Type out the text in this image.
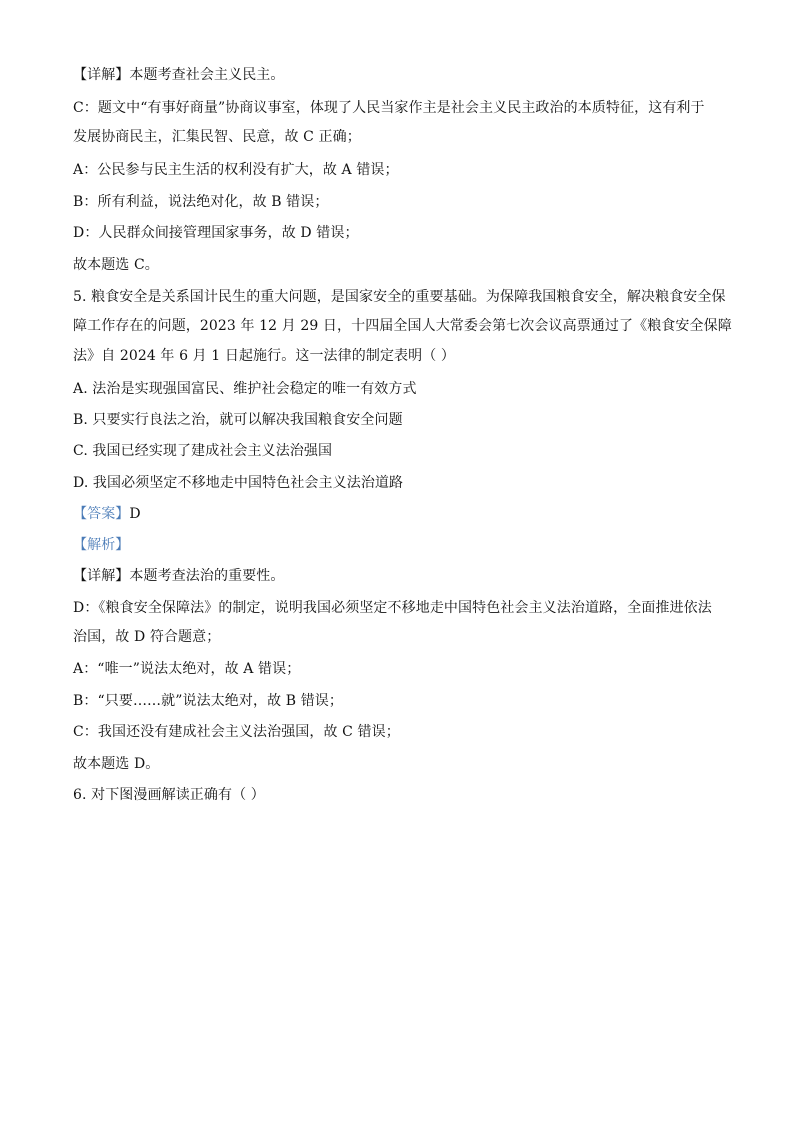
【详解】本题考查社会主义民主。
C：题文中“有事好商量”协商议事室，体现了人民当家作主是社会主义民主政治的本质特征，这有利于
发展协商民主，汇集民智、民意，故 C 正确；
A：公民参与民主生活的权利没有扩大，故 A 错误；
B：所有利益，说法绝对化，故 B 错误；
D：人民群众间接管理国家事务，故 D 错误；
故本题选 C。
5. 粮食安全是关系国计民生的重大问题，是国家安全的重要基础。为保障我国粮食安全，解决粮食安全保
障工作存在的问题，2023 年 12 月 29 日，十四届全国人大常委会第七次会议高票通过了《粮食安全保障
法》自 2024 年 6 月 1 日起施行。这一法律的制定表明（ ）
A. 法治是实现强国富民、维护社会稳定的唯一有效方式
B. 只要实行良法之治，就可以解决我国粮食安全问题
C. 我国已经实现了建成社会主义法治强国
D. 我国必须坚定不移地走中国特色社会主义法治道路
【答案】D
【解析】
【详解】本题考查法治的重要性。
D：《粮食安全保障法》的制定，说明我国必须坚定不移地走中国特色社会主义法治道路，全面推进依法
治国，故 D 符合题意；
A：“唯一”说法太绝对，故 A 错误；
B：“只要……就”说法太绝对，故 B 错误；
C：我国还没有建成社会主义法治强国，故 C 错误；
故本题选 D。
6. 对下图漫画解读正确有（ ）
